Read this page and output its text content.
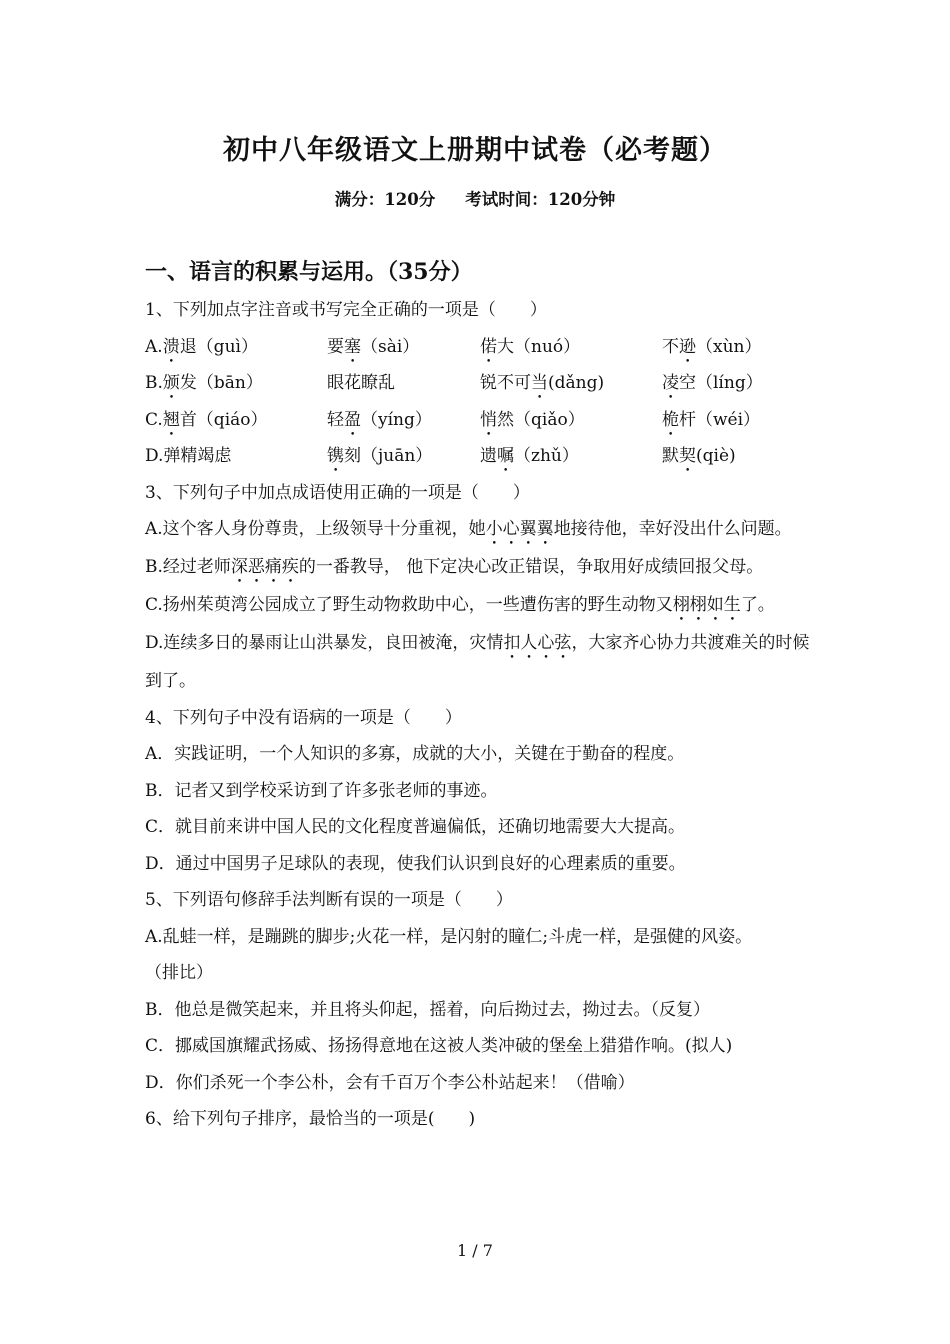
初中八年级语文上册期中试卷（必考题）
满分：120分 考试时间：120分钟
一、语言的积累与运用。（35分）
1、下列加点字注音或书写完全正确的一项是（　　）
A.溃退（guì）	要塞（sài）	偌大（nuó）	不逊（xùn）
B.颁发（bān）	眼花瞭乱	锐不可当(dǎng)	凌空（líng）
C.翘首（qiáo）	轻盈（yíng）	悄然（qiǎo）	桅杆（wéi）
D.弹精竭虑	镌刻（juān）	遗嘱（zhǔ）	默契(qiè)
3、下列句子中加点成语使用正确的一项是（　　）
A.这个客人身份尊贵，上级领导十分重视，她小心翼翼地接待他，幸好没出什么问题。
B.经过老师深恶痛疾的一番教导， 他下定决心改正错误，争取用好成绩回报父母。
C.扬州茱萸湾公园成立了野生动物救助中心，一些遭伤害的野生动物又栩栩如生了。
D.连续多日的暴雨让山洪暴发，良田被淹，灾情扣人心弦，大家齐心协力共渡难关的时候到了。
4、下列句子中没有语病的一项是（　　）
A．实践证明，一个人知识的多寡，成就的大小，关键在于勤奋的程度。
B．记者又到学校采访到了许多张老师的事迹。
C．就目前来讲中国人民的文化程度普遍偏低，还确切地需要大大提高。
D．通过中国男子足球队的表现，使我们认识到良好的心理素质的重要。
5、下列语句修辞手法判断有误的一项是（　　）
A.乱蛙一样，是蹦跳的脚步;火花一样，是闪射的瞳仁;斗虎一样，是强健的风姿。
（排比）
B．他总是微笑起来，并且将头仰起，摇着，向后拗过去，拗过去。（反复）
C．挪威国旗耀武扬威、扬扬得意地在这被人类冲破的堡垒上猎猎作响。(拟人)
D．你们杀死一个李公朴，会有千百万个李公朴站起来！（借喻）
6、给下列句子排序，最恰当的一项是(　　)
1 / 7
